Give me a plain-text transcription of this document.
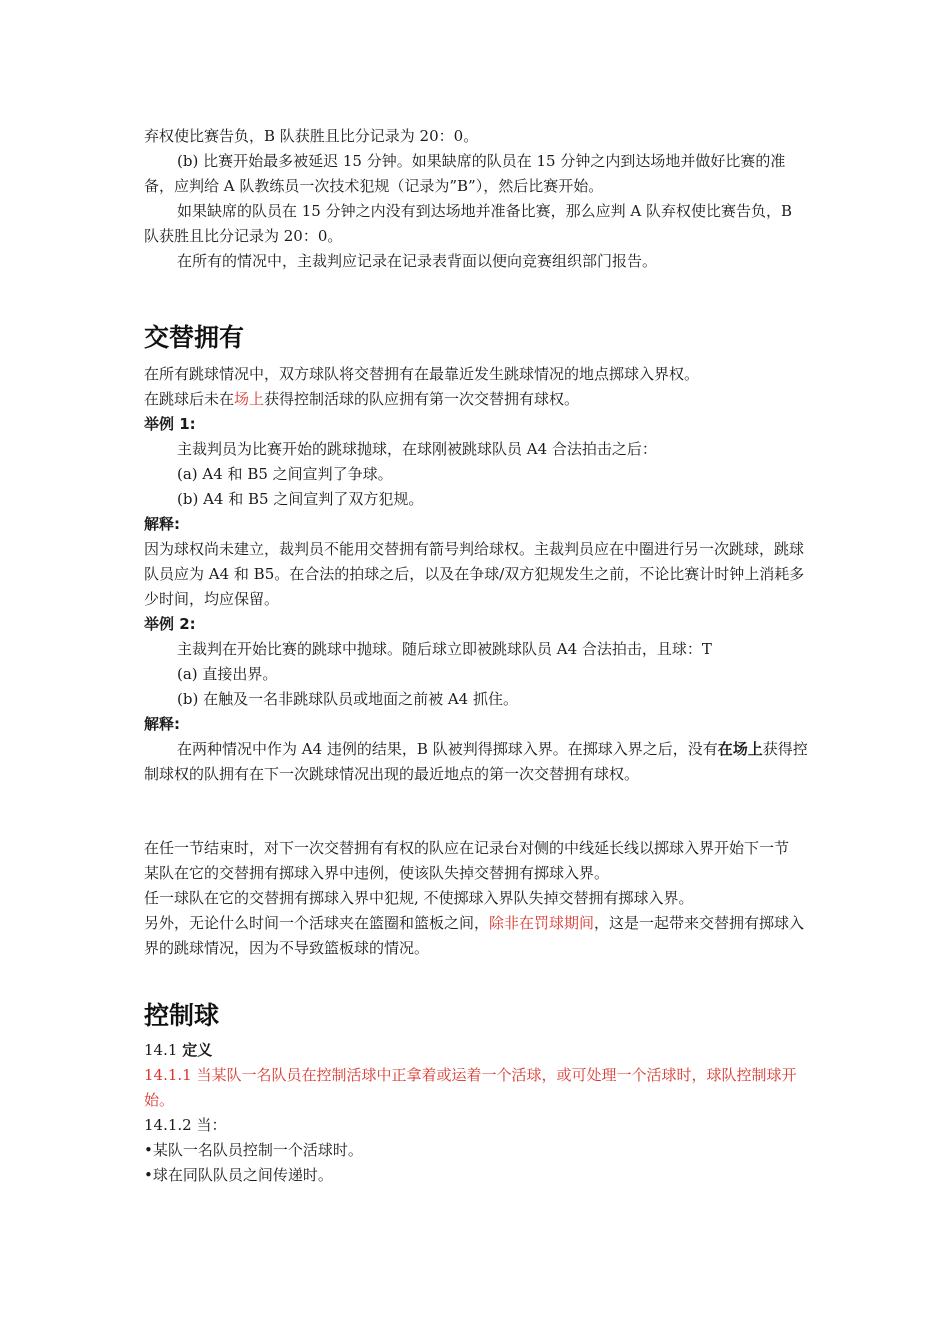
弃权使比赛告负，B 队获胜且比分记录为 20：0。

(b) 比赛开始最多被延迟 15 分钟。如果缺席的队员在 15 分钟之内到达场地并做好比赛的准备，应判给 A 队教练员一次技术犯规（记录为”B”），然后比赛开始。

如果缺席的队员在 15 分钟之内没有到达场地并准备比赛，那么应判 A 队弃权使比赛告负，B 队获胜且比分记录为 20：0。

在所有的情况中，主裁判应记录在记录表背面以便向竞赛组织部门报告。

交替拥有

在所有跳球情况中，双方球队将交替拥有在最靠近发生跳球情况的地点掷球入界权。

在跳球后未在场上获得控制活球的队应拥有第一次交替拥有球权。

举例 1:

主裁判员为比赛开始的跳球抛球，在球刚被跳球队员 A4 合法拍击之后：

(a) A4 和 B5 之间宣判了争球。

(b) A4 和 B5 之间宣判了双方犯规。

解释:

因为球权尚未建立，裁判员不能用交替拥有箭号判给球权。主裁判员应在中圈进行另一次跳球，跳球队员应为 A4 和 B5。在合法的拍球之后，以及在争球/双方犯规发生之前，不论比赛计时钟上消耗多少时间，均应保留。

举例 2:

主裁判在开始比赛的跳球中抛球。随后球立即被跳球队员 A4 合法拍击，且球：T

(a) 直接出界。

(b) 在触及一名非跳球队员或地面之前被 A4 抓住。

解释:

在两种情况中作为 A4 违例的结果，B 队被判得掷球入界。在掷球入界之后，没有在场上获得控制球权的队拥有在下一次跳球情况出现的最近地点的第一次交替拥有球权。

在任一节结束时，对下一次交替拥有有权的队应在记录台对侧的中线延长线以掷球入界开始下一节

某队在它的交替拥有掷球入界中违例，使该队失掉交替拥有掷球入界。

任一球队在它的交替拥有掷球入界中犯规, 不使掷球入界队失掉交替拥有掷球入界。

另外，无论什么时间一个活球夹在篮圈和篮板之间，除非在罚球期间，这是一起带来交替拥有掷球入界的跳球情况，因为不导致篮板球的情况。

控制球

14.1 定义

14.1.1 当某队一名队员在控制活球中正拿着或运着一个活球，或可处理一个活球时，球队控制球开始。

14.1.2 当：

•某队一名队员控制一个活球时。

•球在同队队员之间传递时。
